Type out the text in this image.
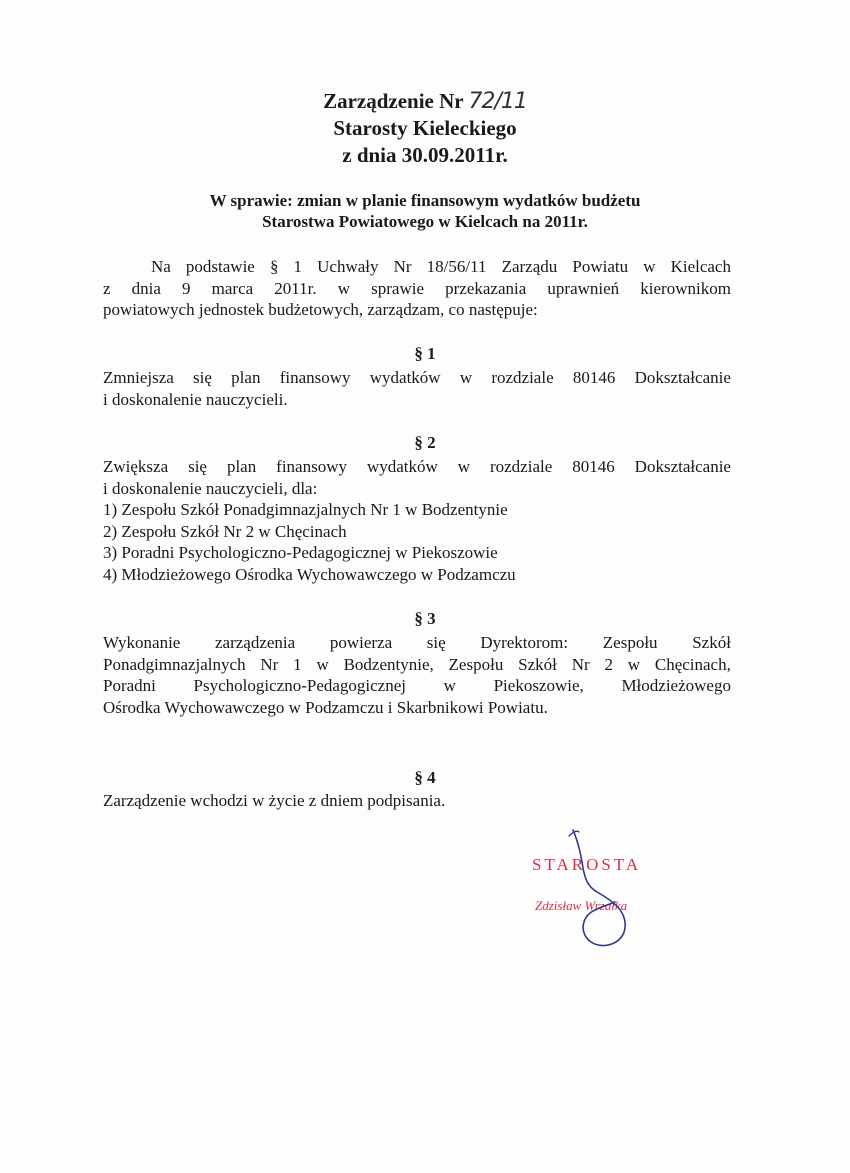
Zarządzenie Nr 72/11
Starosty Kieleckiego
z dnia 30.09.2011r.
W sprawie: zmian w planie finansowym wydatków budżetu
Starostwa Powiatowego w Kielcach na 2011r.
Na podstawie § 1 Uchwały Nr 18/56/11 Zarządu Powiatu w Kielcach
z dnia 9 marca 2011r. w sprawie przekazania uprawnień kierownikom
powiatowych jednostek budżetowych, zarządzam, co następuje:
§ 1
Zmniejsza się plan finansowy wydatków w rozdziale 80146 Dokształcanie
i doskonalenie nauczycieli.
§ 2
Zwiększa się plan finansowy wydatków w rozdziale 80146 Dokształcanie
i doskonalenie nauczycieli, dla:
1) Zespołu Szkół Ponadgimnazjalnych Nr 1 w Bodzentynie
2) Zespołu Szkół Nr 2 w Chęcinach
3) Poradni Psychologiczno-Pedagogicznej w Piekoszowie
4) Młodzieżowego Ośrodka Wychowawczego w Podzamczu
§ 3
Wykonanie zarządzenia powierza się Dyrektorom: Zespołu Szkół
Ponadgimnazjalnych Nr 1 w Bodzentynie, Zespołu Szkół Nr 2 w Chęcinach,
Poradni Psychologiczno-Pedagogicznej w Piekoszowie, Młodzieżowego
Ośrodka Wychowawczego w Podzamczu i Skarbnikowi Powiatu.
§ 4
Zarządzenie wchodzi w życie z dniem podpisania.
STAROSTA
Zdzisław Wrzałka
